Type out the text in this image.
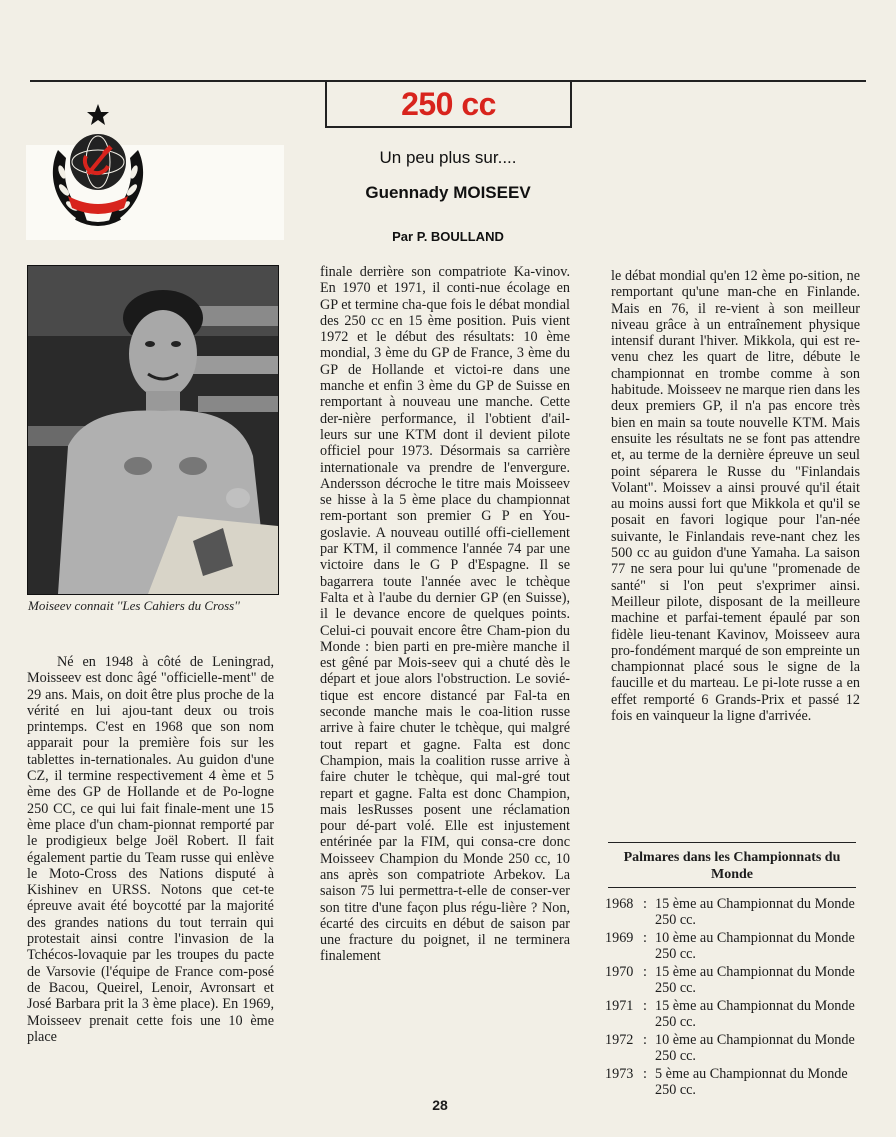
250 cc
Un peu plus sur....
Guennady MOISEEV
Par P. BOULLAND
Moiseev connait ''Les Cahiers du Cross''

Né en 1948 à côté de Leningrad, Moisseev est donc âgé "officielle-ment" de 29 ans. Mais, on doit être plus proche de la vérité en lui ajou-tant deux ou trois printemps. C'est en 1968 que son nom apparait pour la première fois sur les tablettes in-ternationales. Au guidon d'une CZ, il termine respectivement 4 ème et 5 ème des GP de Hollande et de Po-logne 250 CC, ce qui lui fait finale-ment une 15 ème place d'un cham-pionnat remporté par le prodigieux belge Joël Robert. Il fait également partie du Team russe qui enlève le Moto-Cross des Nations disputé à Kishinev en URSS. Notons que cet-te épreuve avait été boycotté par la majorité des grandes nations du tout terrain qui protestait ainsi contre l'invasion de la Tchécos-lovaquie par les troupes du pacte de Varsovie (l'équipe de France com-posé de Bacou, Queirel, Lenoir, Avronsart et José Barbara prit la 3 ème place). En 1969, Moisseev prenait cette fois une 10 ème place

finale derrière son compatriote Ka-vinov. En 1970 et 1971, il conti-nue écolage en GP et termine cha-que fois le débat mondial des 250 cc en 15 ème position. Puis vient 1972 et le début des résultats: 10 ème mondial, 3 ème du GP de France, 3 ème du GP de Hollande et victoi-re dans une manche et enfin 3 ème du GP de Suisse en remportant à nouveau une manche. Cette der-nière performance, il l'obtient d'ail-leurs sur une KTM dont il devient pilote officiel pour 1973. Désormais sa carrière internationale va prendre de l'envergure. Andersson décroche le titre mais Moisseev se hisse à la 5 ème place du championnat rem-portant son premier G P en You-goslavie. A nouveau outillé offi-ciellement par KTM, il commence l'année 74 par une victoire dans le G P d'Espagne. Il se bagarrera toute l'année avec le tchèque Falta et à l'aube du dernier GP (en Suisse), il le devance encore de quelques points. Celui-ci pouvait encore être Cham-pion du Monde : bien parti en pre-mière manche il est gêné par Mois-seev qui a chuté dès le départ et joue alors l'obstruction. Le sovié-tique est encore distancé par Fal-ta en seconde manche mais le coa-lition russe arrive à faire chuter le tchèque, qui malgré tout repart et gagne. Falta est donc Champion, mais la coalition russe arrive à faire chuter le tchèque, qui mal-gré tout repart et gagne. Falta est donc Champion, mais lesRusses posent une réclamation pour dé-part volé. Elle est injustement entérinée par la FIM, qui consa-cre donc Moisseev Champion du Monde 250 cc, 10 ans après son compatriote Arbekov. La saison 75 lui permettra-t-elle de conser-ver son titre d'une façon plus régu-lière ? Non, écarté des circuits en début de saison par une fracture du poignet, il ne terminera finalement

le débat mondial qu'en 12 ème po-sition, ne remportant qu'une man-che en Finlande. Mais en 76, il re-vient à son meilleur niveau grâce à un entraînement physique intensif durant l'hiver. Mikkola, qui est re-venu chez les quart de litre, débute le championnat en trombe comme à son habitude. Moisseev ne marque rien dans les deux premiers GP, il n'a pas encore très bien en main sa toute nouvelle KTM. Mais ensuite les résultats ne se font pas attendre et, au terme de la dernière épreuve un seul point séparera le Russe du "Finlandais Volant". Moissev a ainsi prouvé qu'il était au moins aussi fort que Mikkola et qu'il se posait en favori logique pour l'an-née suivante, le Finlandais reve-nant chez les 500 cc au guidon d'une Yamaha. La saison 77 ne sera pour lui qu'une "promenade de santé" si l'on peut s'exprimer ainsi. Meilleur pilote, disposant de la meilleure machine et parfai-tement épaulé par son fidèle lieu-tenant Kavinov, Moisseev aura pro-fondément marqué de son empreinte un championnat placé sous le signe de la faucille et du marteau. Le pi-lote russe a en effet remporté 6 Grands-Prix et passé 12 fois en vainqueur la ligne d'arrivée.

Palmares dans les Championnats du Monde
1968 : 15 ème au Championnat du Monde 250 cc.
1969 : 10 ème au Championnat du Monde 250 cc.
1970 : 15 ème au Championnat du Monde 250 cc.
1971 : 15 ème au Championnat du Monde 250 cc.
1972 : 10 ème au Championnat du Monde 250 cc.
1973 : 5 ème au Championnat du Monde 250 cc.
28
